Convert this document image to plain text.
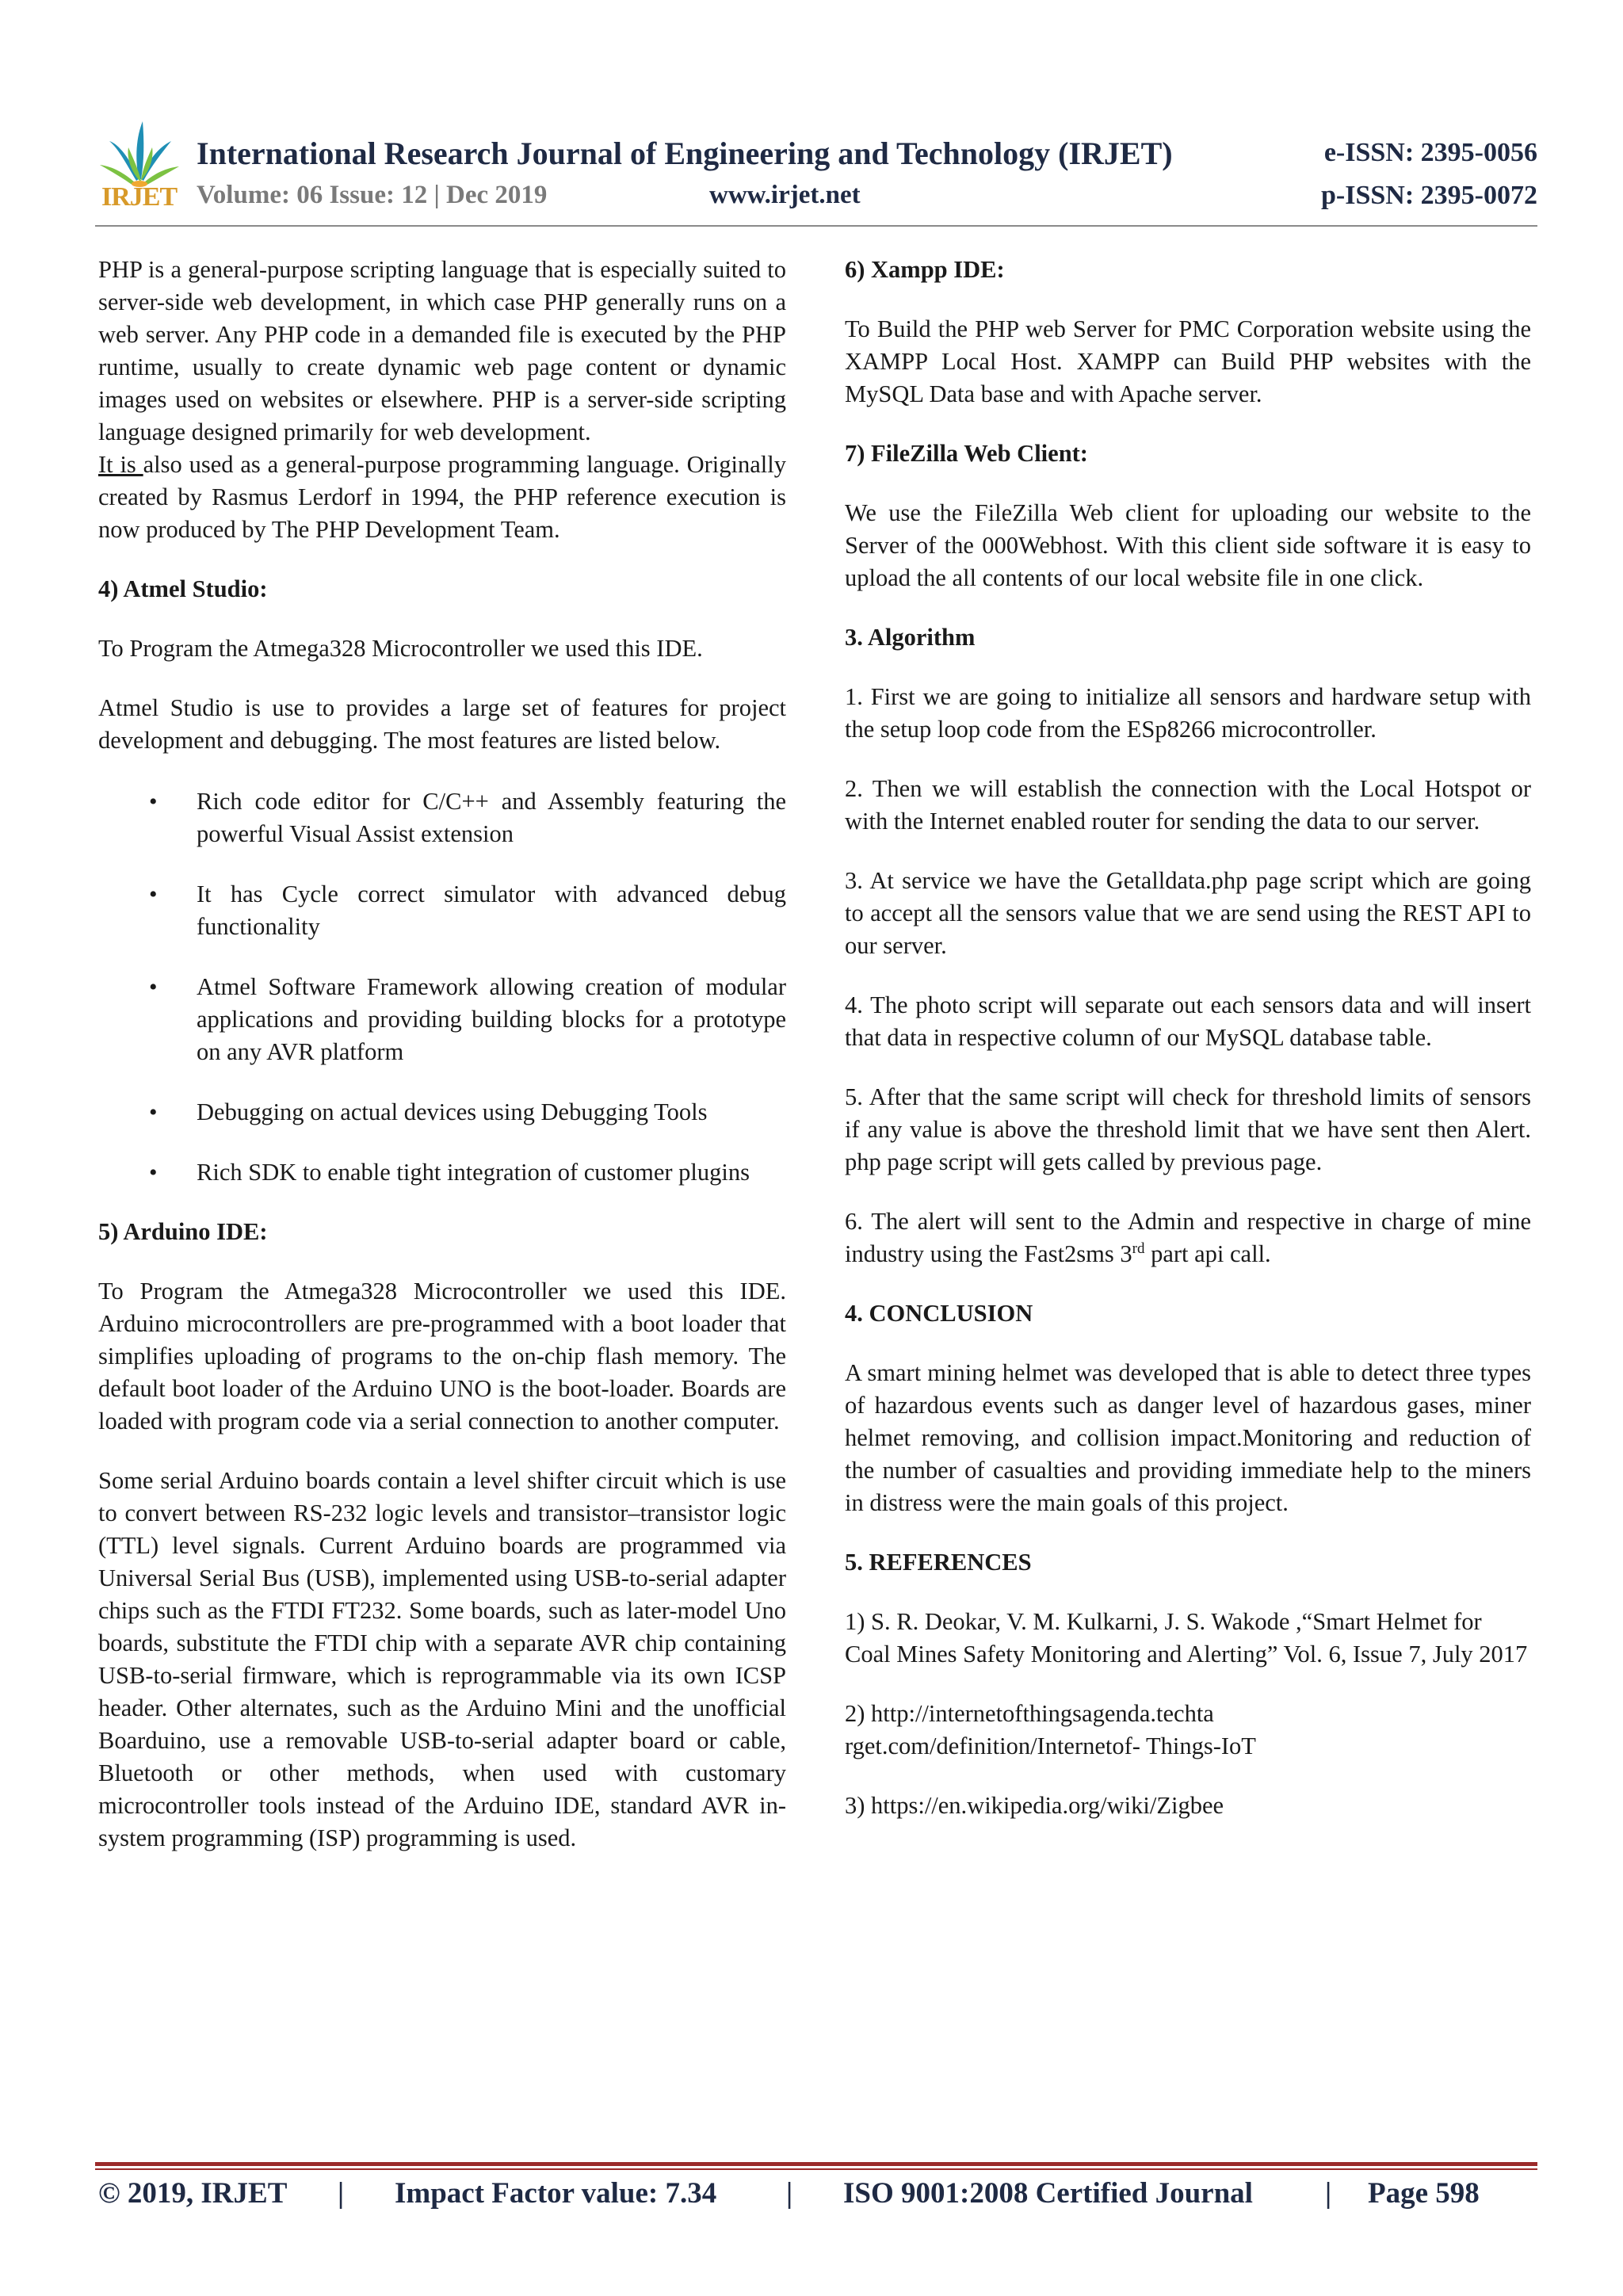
IRJET
International Research Journal of Engineering and Technology (IRJET)	e-ISSN: 2395-0056
Volume: 06 Issue: 12 | Dec 2019	www.irjet.net	p-ISSN: 2395-0072

PHP is a general-purpose scripting language that is especially suited to server-side web development, in which case PHP generally runs on a web server. Any PHP code in a demanded file is executed by the PHP runtime, usually to create dynamic web page content or dynamic images used on websites or elsewhere. PHP is a server-side scripting language designed primarily for web development.
It is also used as a general-purpose programming language. Originally created by Rasmus Lerdorf in 1994, the PHP reference execution is now produced by The PHP Development Team.

4) Atmel Studio:

To Program the Atmega328 Microcontroller we used this IDE.

Atmel Studio is use to provides a large set of features for project development and debugging. The most features are listed below.

• Rich code editor for C/C++ and Assembly featuring the powerful Visual Assist extension
• It has Cycle correct simulator with advanced debug functionality
• Atmel Software Framework allowing creation of modular applications and providing building blocks for a prototype on any AVR platform
• Debugging on actual devices using Debugging Tools
• Rich SDK to enable tight integration of customer plugins
5) Arduino IDE:

To Program the Atmega328 Microcontroller we used this IDE. Arduino microcontrollers are pre-programmed with a boot loader that simplifies uploading of programs to the on-chip flash memory. The default boot loader of the Arduino UNO is the boot-loader. Boards are loaded with program code via a serial connection to another computer.

Some serial Arduino boards contain a level shifter circuit which is use to convert between RS-232 logic levels and transistor–transistor logic (TTL) level signals. Current Arduino boards are programmed via Universal Serial Bus (USB), implemented using USB-to-serial adapter chips such as the FTDI FT232. Some boards, such as later-model Uno boards, substitute the FTDI chip with a separate AVR chip containing USB-to-serial firmware, which is reprogrammable via its own ICSP header. Other alternates, such as the Arduino Mini and the unofficial Boarduino, use a removable USB-to-serial adapter board or cable, Bluetooth or other methods, when used with customary microcontroller tools instead of the Arduino IDE, standard AVR in-system programming (ISP) programming is used.

6) Xampp IDE:

To Build the PHP web Server for PMC Corporation website using the XAMPP Local Host. XAMPP can Build PHP websites with the MySQL Data base and with Apache server.

7) FileZilla Web Client:

We use the FileZilla Web client for uploading our website to the Server of the 000Webhost. With this client side software it is easy to upload the all contents of our local website file in one click.

3. Algorithm

1. First we are going to initialize all sensors and hardware setup with the setup loop code from the ESp8266 microcontroller.

2. Then we will establish the connection with the Local Hotspot or with the Internet enabled router for sending the data to our server.

3. At service we have the Getalldata.php page script which are going to accept all the sensors value that we are send using the REST API to our server.

4. The photo script will separate out each sensors data and will insert that data in respective column of our MySQL database table.

5. After that the same script will check for threshold limits of sensors if any value is above the threshold limit that we have sent then Alert. php page script will gets called by previous page.

6. The alert will sent to the Admin and respective in charge of mine industry using the Fast2sms 3rd part api call.

4. CONCLUSION

A smart mining helmet was developed that is able to detect three types of hazardous events such as danger level of hazardous gases, miner helmet removing, and collision impact.Monitoring and reduction of the number of casualties and providing immediate help to the miners in distress were the main goals of this project.

5. REFERENCES

1) S. R. Deokar, V. M. Kulkarni, J. S. Wakode ,“Smart Helmet for Coal Mines Safety Monitoring and Alerting” Vol. 6, Issue 7, July 2017

2) http://internetofthingsagenda.techta
rget.com/definition/Internetof- Things-IoT

3) https://en.wikipedia.org/wiki/Zigbee

© 2019, IRJET | Impact Factor value: 7.34 | ISO 9001:2008 Certified Journal | Page 598
